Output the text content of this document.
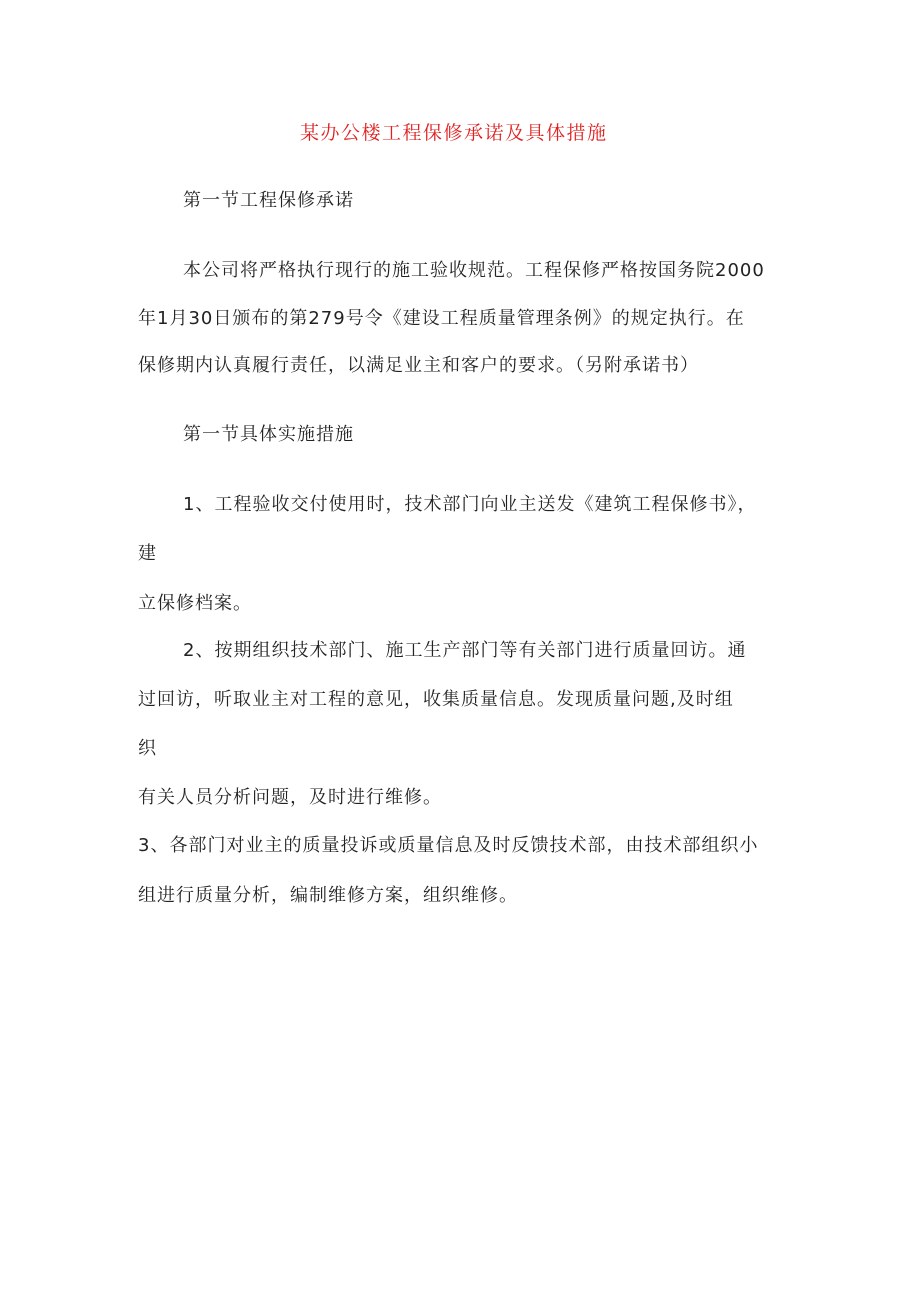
某办公楼工程保修承诺及具体措施
第一节工程保修承诺
本公司将严格执行现行的施工验收规范。工程保修严格按国务院2000
年1月30日颁布的第279号令《建设工程质量管理条例》的规定执行。在
保修期内认真履行责任，以满足业主和客户的要求。（另附承诺书）
第一节具体实施措施
1、工程验收交付使用时，技术部门向业主送发《建筑工程保修书》，
建
立保修档案。
2、按期组织技术部门、施工生产部门等有关部门进行质量回访。通
过回访，听取业主对工程的意见，收集质量信息。发现质量问题,及时组
织
有关人员分析问题，及时进行维修。
3、各部门对业主的质量投诉或质量信息及时反馈技术部，由技术部组织小
组进行质量分析，编制维修方案，组织维修。
